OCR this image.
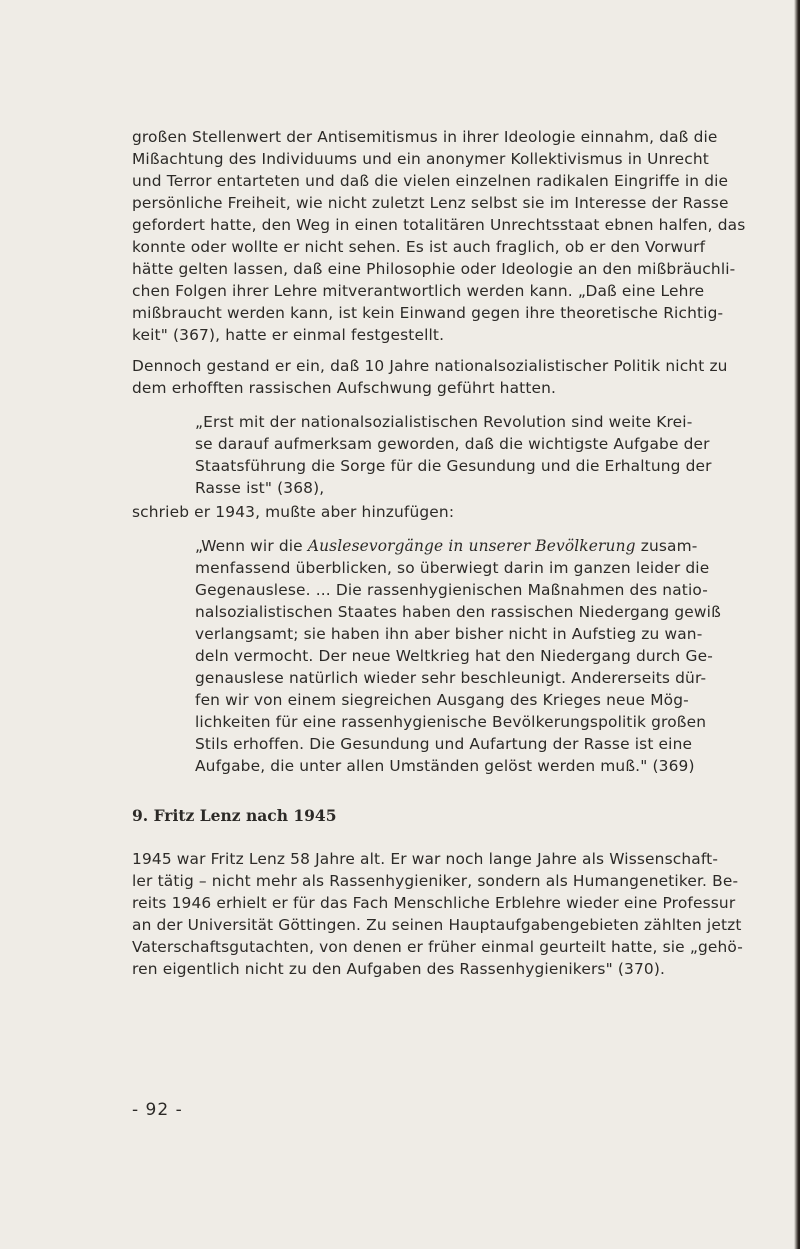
großen Stellenwert der Antisemitismus in ihrer Ideologie einnahm, daß die
Mißachtung des Individuums und ein anonymer Kollektivismus in Unrecht
und Terror entarteten und daß die vielen einzelnen radikalen Eingriffe in die
persönliche Freiheit, wie nicht zuletzt Lenz selbst sie im Interesse der Rasse
gefordert hatte, den Weg in einen totalitären Unrechtsstaat ebnen halfen, das
konnte oder wollte er nicht sehen. Es ist auch fraglich, ob er den Vorwurf
hätte gelten lassen, daß eine Philosophie oder Ideologie an den mißbräuchli-
chen Folgen ihrer Lehre mitverantwortlich werden kann. „Daß eine Lehre
mißbraucht werden kann, ist kein Einwand gegen ihre theoretische Richtig-
keit" (367), hatte er einmal festgestellt.

Dennoch gestand er ein, daß 10 Jahre nationalsozialistischer Politik nicht zu
dem erhofften rassischen Aufschwung geführt hatten.

„Erst mit der nationalsozialistischen Revolution sind weite Krei-
se darauf aufmerksam geworden, daß die wichtigste Aufgabe der
Staatsführung die Sorge für die Gesundung und die Erhaltung der
Rasse ist" (368),

schrieb er 1943, mußte aber hinzufügen:

„Wenn wir die Auslesevorgänge in unserer Bevölkerung zusam-
menfassend überblicken, so überwiegt darin im ganzen leider die
Gegenauslese. ... Die rassenhygienischen Maßnahmen des natio-
nalsozialistischen Staates haben den rassischen Niedergang gewiß
verlangsamt; sie haben ihn aber bisher nicht in Aufstieg zu wan-
deln vermocht. Der neue Weltkrieg hat den Niedergang durch Ge-
genauslese natürlich wieder sehr beschleunigt. Andererseits dür-
fen wir von einem siegreichen Ausgang des Krieges neue Mög-
lichkeiten für eine rassenhygienische Bevölkerungspolitik großen
Stils erhoffen. Die Gesundung und Aufartung der Rasse ist eine
Aufgabe, die unter allen Umständen gelöst werden muß." (369)

9. Fritz Lenz nach 1945

1945 war Fritz Lenz 58 Jahre alt. Er war noch lange Jahre als Wissenschaft-
ler tätig – nicht mehr als Rassenhygieniker, sondern als Humangenetiker. Be-
reits 1946 erhielt er für das Fach Menschliche Erblehre wieder eine Professur
an der Universität Göttingen. Zu seinen Hauptaufgabengebieten zählten jetzt
Vaterschaftsgutachten, von denen er früher einmal geurteilt hatte, sie „gehö-
ren eigentlich nicht zu den Aufgaben des Rassenhygienikers" (370).

- 92 -
